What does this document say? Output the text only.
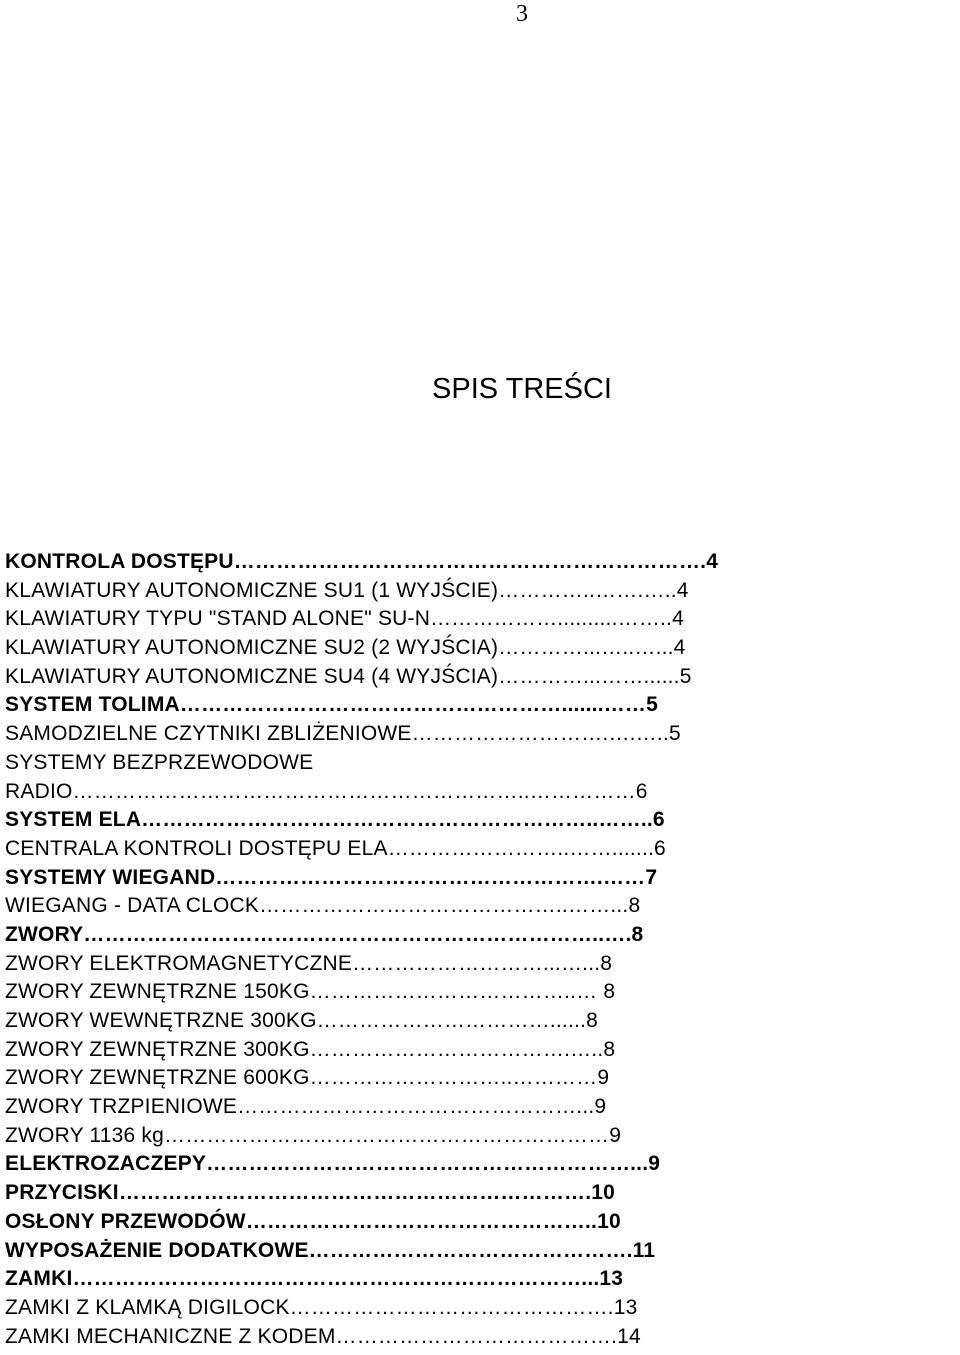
3
SPIS TREŚCI
KONTROLA DOSTĘPU………………………………………………………….4
KLAWIATURY AUTONOMICZNE SU1 (1 WYJŚCIE)…………..…….…..4
KLAWIATURY TYPU "STAND ALONE" SU-N………………..........……..4
KLAWIATURY AUTONOMICZNE SU2 (2 WYJŚCIA)…………...…..…...4
KLAWIATURY AUTONOMICZNE SU4 (4 WYJŚCIA)…………...……......5
SYSTEM TOLIMA……………………………………………….......……5
SAMODZIELNE CZYTNIKI ZBLIŻENIOWE……………………….….…..5
SYSTEMY BEZPRZEWODOWE
RADIO………………………………………………………..……………6
SYSTEM ELA………………………………………………………..……..6
CENTRALA KONTROLI DOSTĘPU ELA……………………..…….......6
SYSTEMY WIEGAND……………………………………………….……7
WIEGANG - DATA CLOCK……………………………………..……...8
ZWORY………………………………………………………………..….8
ZWORY ELEKTROMAGNETYCZNE………………………...…...8
ZWORY ZEWNĘTRZNE 150KG………………………………..… 8
ZWORY WEWNĘTRZNE 300KG……………………………......8
ZWORY ZEWNĘTRZNE 300KG……………………………….…..8
ZWORY ZEWNĘTRZNE 600KG………………………..…………9
ZWORY TRZPIENIOWE…………………………………………...9
ZWORY 1136 kg………………………………………………………9
ELEKTROZACZEPY……………………………………………………...9
PRZYCISKI………………………………………………………….10
OSŁONY PRZEWODÓW…………………………………………..10
WYPOSAŻENIE DODATKOWE……………………………………….11
ZAMKI………………………………………………………………...13
ZAMKI Z KLAMKĄ DIGILOCK……………………………………….13
ZAMKI MECHANICZNE Z KODEM………………………………….14
